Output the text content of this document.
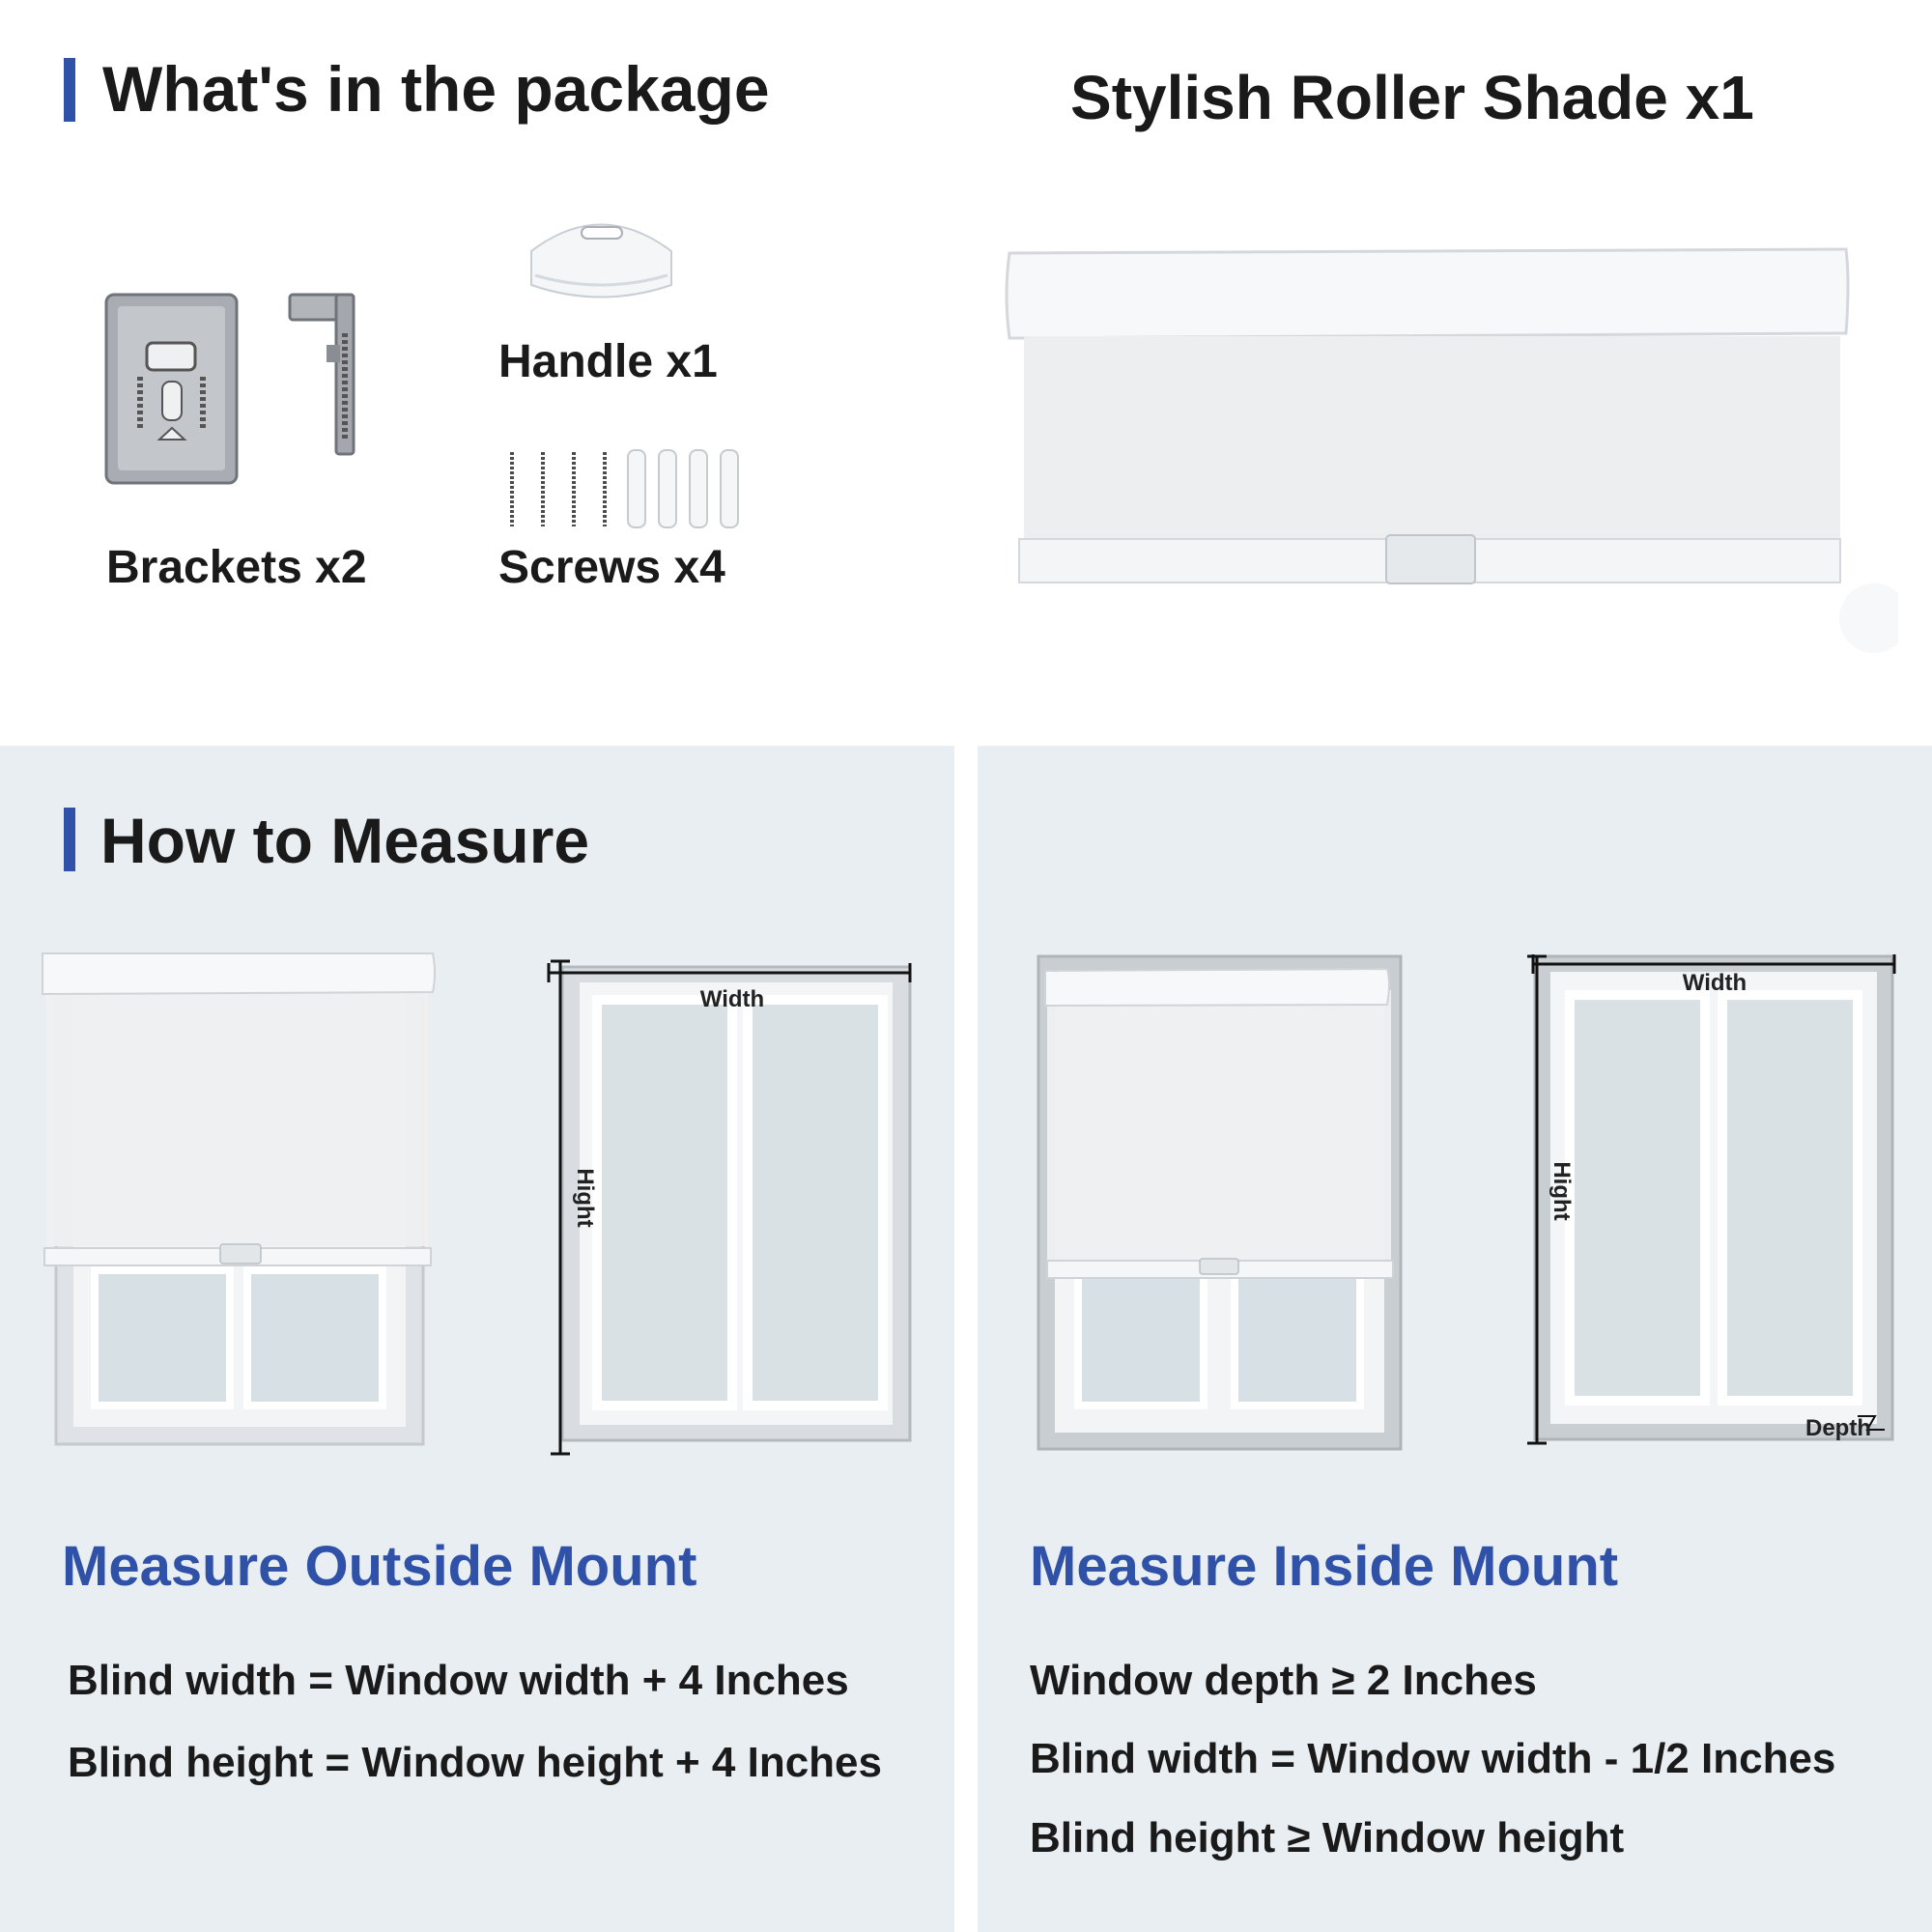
What's in the package	Stylish Roller Shade x1
Handle x1
Brackets x2	Screws x4
How to Measure
Width
Hight
Width
Hight
Depth
Measure Outside Mount
Blind width = Window width + 4 Inches
Blind height = Window height + 4 Inches
Measure Inside Mount
Window depth ≥ 2 Inches
Blind width = Window width - 1/2 Inches
Blind height ≥ Window height
